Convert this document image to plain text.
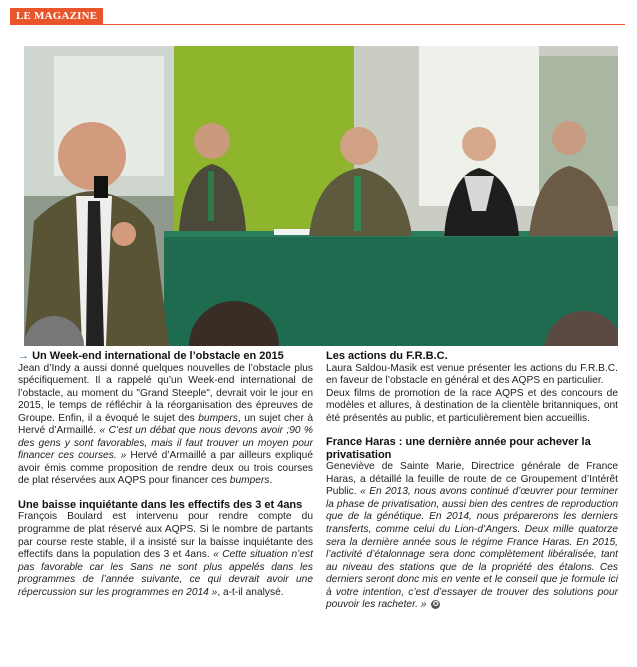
LE MAGAZINE
→ Un Week-end international de l’obstacle en 2015

Jean d’Indy a aussi donné quelques nouvelles de l’obstacle plus spécifiquement. Il a rappelé qu’un Week-end international de l’obstacle, au moment du "Grand Steeple", devrait voir le jour en 2015, le temps de réfléchir à la réorganisation des épreuves de Groupe. Enfin, il a évoqué le sujet des bumpers, un sujet cher à Hervé d’Armaillé. « C’est un débat que nous devons avoir ;90 % des gens y sont favorables, mais il faut trouver un moyen pour financer ces courses. » Hervé d’Armaillé a par ailleurs expliqué avoir émis comme proposition de rendre deux ou trois courses de plat réservées aux AQPS pour financer ces bumpers.

Une baisse inquiétante dans les effectifs des 3 et 4ans

François Boulard est intervenu pour rendre compte du programme de plat réservé aux AQPS. Si le nombre de partants par course reste stable, il a insisté sur la baisse inquiétante des effectifs dans la population des 3 et 4ans. « Cette situation n’est pas favorable car les Sans ne sont plus appelés dans les programmes de l’année suivante, ce qui devrait avoir une répercussion sur les programmes en 2014 », a-t-il analysé.

Les actions du F.R.B.C.

Laura Saldou-Masik est venue présenter les actions du F.R.B.C. en faveur de l’obstacle en général et des AQPS en particulier.

Deux films de promotion de la race AQPS et des concours de modèles et allures, à destination de la clientèle britanniques, ont été présentés au public, et particulièrement bien accueillis.

France Haras : une dernière année pour achever la privatisation

Geneviève de Sainte Marie, Directrice générale de France Haras, a détaillé la feuille de route de ce Groupement d’Intérêt Public. « En 2013, nous avons continué d’œuvrer pour terminer la phase de privatisation, aussi bien des centres de reproduction que de la génétique. En 2014, nous préparerons les derniers transferts, comme celui du Lion-d’Angers. Deux mille quatorze sera la dernière année sous le régime France Haras. En 2015, l’activité d’étalonnage sera donc complètement libéralisée, tant au niveau des stations que de la propriété des étalons. Ces derniers seront donc mis en vente et le conseil que je formule ici à votre intention, c’est d’essayer de trouver des solutions pour pouvoir les racheter. » ✪
